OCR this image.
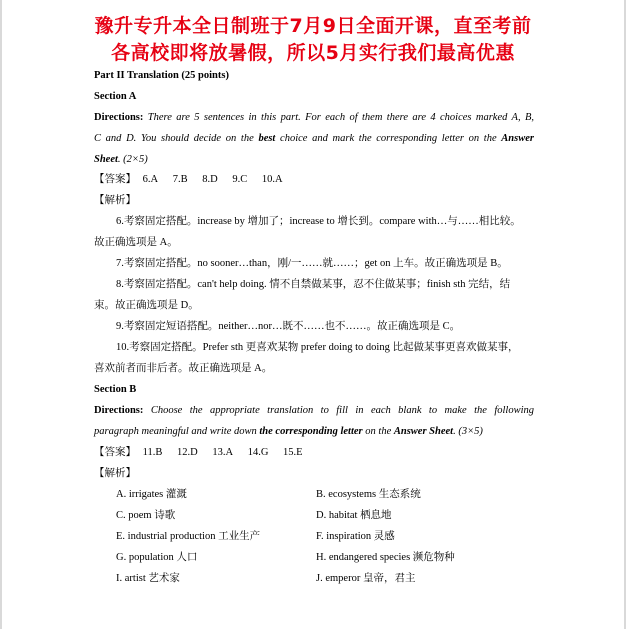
豫升专升本全日制班于7月9日全面开课，直至考前
各高校即将放暑假，所以5月实行我们最高优惠
Part II Translation (25 points)
Section A
Directions: There are 5 sentences in this part. For each of them there are 4 choices marked A, B,
C and D. You should decide on the best choice and mark the corresponding letter on the Answer
Sheet. (2×5)
【答案】 6.A 7.B 8.D 9.C 10.A
【解析】
6.考察固定搭配。increase by 增加了；increase to 增长到。compare with…与……相比较。
故正确选项是 A。
7.考察固定搭配。no sooner…than，刚/一……就……；get on 上车。故正确选项是 B。
8.考察固定搭配。can't help doing. 情不自禁做某事，忍不住做某事；finish sth 完结，结
束。故正确选项是 D。
9.考察固定短语搭配。neither…nor…既不……也不……。故正确选项是 C。
10.考察固定搭配。Prefer sth 更喜欢某物 prefer doing to doing 比起做某事更喜欢做某事，
喜欢前者而非后者。故正确选项是 A。
Section B
Directions: Choose the appropriate translation to fill in each blank to make the following
paragraph meaningful and write down the corresponding letter on the Answer Sheet. (3×5)
【答案】 11.B 12.D 13.A 14.G 15.E
【解析】
A. irrigates 灌溉	B. ecosystems 生态系统
C. poem 诗歌	D. habitat 栖息地
E. industrial production 工业生产	F. inspiration 灵感
G. population 人口	H. endangered species 濒危物种
I. artist 艺术家	J. emperor 皇帝，君主
